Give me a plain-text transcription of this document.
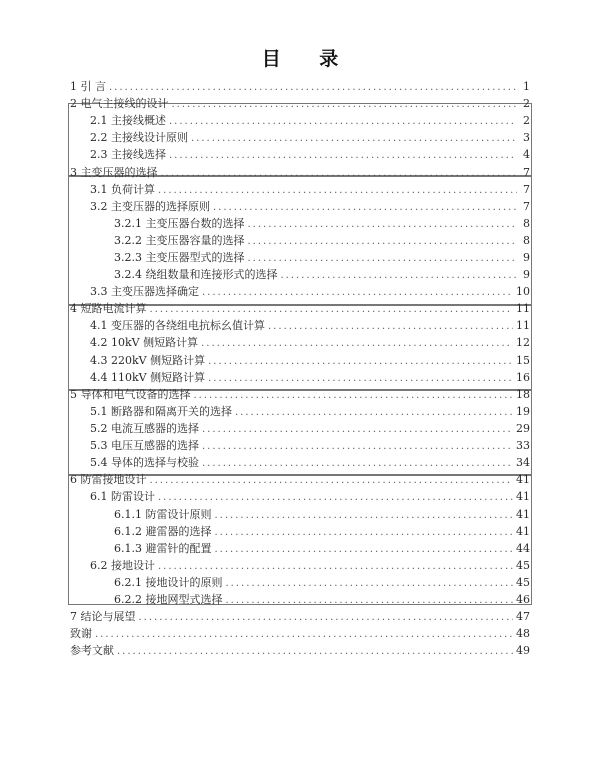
目 录
1 引 言 .....	1
2 电气主接线的设计 .....	2
2.1 主接线概述 .....	2
2.2 主接线设计原则 .....	3
2.3 主接线选择 .....	4
3 主变压器的选择 .....	7
3.1 负荷计算 .....	7
3.2 主变压器的选择原则 .....	7
3.2.1 主变压器台数的选择 .....	8
3.2.2 主变压器容量的选择 .....	8
3.2.3 主变压器型式的选择 .....	9
3.2.4 绕组数量和连接形式的选择 .....	9
3.3 主变压器选择确定 .....	10
4 短路电流计算 .....	11
4.1 变压器的各绕组电抗标幺值计算 .....	11
4.2 10kV 侧短路计算 .....	12
4.3 220kV 侧短路计算 .....	15
4.4 110kV 侧短路计算 .....	16
5 导体和电气设备的选择 .....	18
5.1 断路器和隔离开关的选择 .....	19
5.2 电流互感器的选择 .....	29
5.3 电压互感器的选择 .....	33
5.4 导体的选择与校验 .....	34
6 防雷接地设计 .....	41
6.1 防雷设计 .....	41
6.1.1 防雷设计原则 .....	41
6.1.2 避雷器的选择 .....	41
6.1.3 避雷针的配置 .....	44
6.2 接地设计 .....	45
6.2.1 接地设计的原则 .....	45
6.2.2 接地网型式选择 .....	46
7 结论与展望 .....	47
致谢 .....	48
参考文献 .....	49
